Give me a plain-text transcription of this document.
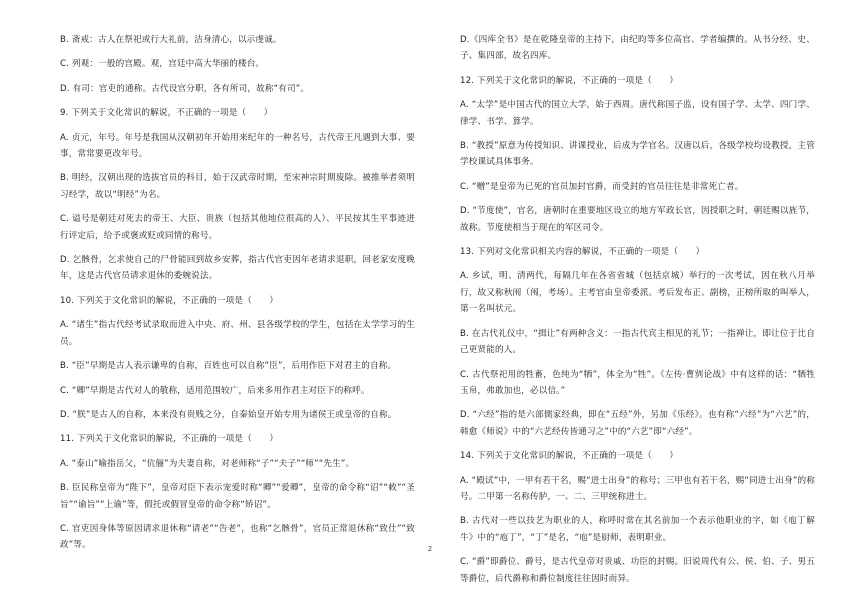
B. 斋戒：古人在祭祀或行大礼前，洁身清心，以示虔诚。

C. 列观：一般的宫殿。观，宫廷中高大华丽的楼台。

D. 有司：官吏的通称。古代设官分职，各有所司，故称“有司”。

9. 下列关于文化常识的解说，不正确的一项是（　　）

A. 贞元，年号。年号是我国从汉朝初年开始用来纪年的一种名号，古代帝王凡遇到大事、要事，常常要更改年号。

B. 明经，汉朝出现的选拔官员的科目，始于汉武帝时期，至宋神宗时期废除。被推举者须明习经学，故以“明经”为名。

C. 谥号是朝廷对死去的帝王、大臣、贵族（包括其他地位很高的人）、平民按其生平事迹进行评定后，给予或褒或贬或同情的称号。

D. 乞骸骨，乞求使自己的尸骨能回到故乡安葬，指古代官吏因年老请求退职，回老家安度晚年，这是古代官员请求退休的委婉说法。

10. 下列关于文化常识的解说，不正确的一项是（　　）

A. “诸生”指古代经考试录取而进入中央、府、州、县各级学校的学生，包括在太学学习的生员。

B. “臣”早期是古人表示谦卑的自称，百姓也可以自称“臣”，后用作臣下对君主的自称。

C. “卿”早期是古代对人的敬称，适用范围较广，后来多用作君主对臣下的称呼。

D. “朕”是古人的自称，本来没有贵贱之分，自秦始皇开始专用为诸侯王或皇帝的自称。

11. 下列关于文化常识的解说，不正确的一项是（　　）

A. “泰山”喻指岳父，“伉俪”为夫妻自称，对老师称“子”“夫子”“师”“先生”。

B. 臣民称皇帝为“陛下”，皇帝对臣下表示宠爱时称“卿”“爱卿”，皇帝的命令称“诏”“敕”“圣旨”“谕旨”“上谕”等，假托或假冒皇帝的命令称“矫诏”。

C. 官吏因身体等原因请求退休称“请老”“告老”，也称“乞骸骨”，官员正常退休称“致仕”“致政”等。

D.《四库全书》是在乾隆皇帝的主持下，由纪昀等多位高官、学者编撰的。从书分经、史、子、集四部，故名四库。

12. 下列关于文化常识的解说，不正确的一项是（　　）

A. “太学”是中国古代的国立大学，始于西周。唐代称国子监，设有国子学、太学、四门学、律学、书学、算学。

B. “教授”原意为传授知识、讲课授业，后成为学官名。汉唐以后，各级学校均设教授，主管学校课试具体事务。

C. “赠”是皇帝为已死的官员加封官爵，而受封的官员往往是非常死亡者。

D. “节度使”，官名，唐朝时在重要地区设立的地方军政长官，因授职之时，朝廷赐以旌节，故称。节度使相当于现在的军区司令。

13. 下列对文化常识相关内容的解说，不正确的一项是（　　）

A. 乡试，明、清两代，每隔几年在各省省城（包括京城）举行的一次考试，因在秋八月举行，故又称秋闱（闱，考场）。主考官由皇帝委派。考后发布正、副榜，正榜所取的叫举人，第一名叫状元。

B. 在古代礼仪中，“揖让”有两种含义：一指古代宾主相见的礼节；一指禅让，即让位于比自己更贤能的人。

C. 古代祭祀用的牲畜，色纯为“牺”，体全为“牲”。《左传·曹刿论战》中有这样的话：“牺牲玉帛，弗敢加也，必以信。”

D. “六经”指的是六部儒家经典，即在“五经”外，另加《乐经》。也有称“六经”为“六艺”的，韩愈《师说》中的“六艺经传皆通习之”中的“六艺”即“六经”。

14. 下列关于文化常识的解说，不正确的一项是（　　）

A. “殿试”中，一甲有若干名，赐“进士出身”的称号；三甲也有若干名，赐“同进士出身”的称号。二甲第一名称传胪，一、二、三甲统称进士。

B. 古代对一些以技艺为职业的人，称呼时常在其名前加一个表示他职业的字，如《庖丁解牛》中的“庖丁”，“丁”是名，“庖”是厨师，表明职业。

C. “爵”即爵位、爵号，是古代皇帝对贵戚、功臣的封赐。旧说周代有公、侯、伯、子、男五等爵位，后代爵称和爵位制度往往因时而异。

2
